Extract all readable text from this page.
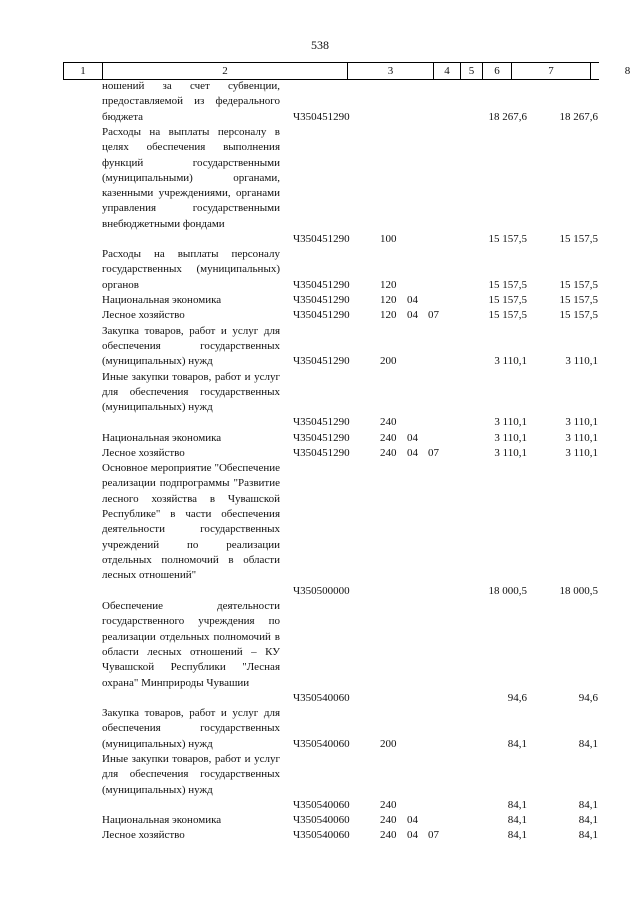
538
1	2	3	4	5	6	7	8
ношений за счет субвенции, предоставляемой из федерального бюджета	Ч350451290	18 267,6	18 267,6
Расходы на выплаты персоналу в целях обеспечения выполнения функций государственными (муниципальными) органами, казенными учреждениями, органами управления государственными внебюджетными фондами
Ч350451290	100	15 157,5	15 157,5
Расходы на выплаты персоналу государственных (муниципальных) органов	Ч350451290	120	15 157,5	15 157,5
Национальная экономика	Ч350451290	120 04	15 157,5	15 157,5
Лесное хозяйство	Ч350451290	120 04 07	15 157,5	15 157,5
Закупка товаров, работ и услуг для обеспечения государственных (муниципальных) нужд	Ч350451290	200	3 110,1	3 110,1
Иные закупки товаров, работ и услуг для обеспечения государственных (муниципальных) нужд
Ч350451290	240	3 110,1	3 110,1
Национальная экономика	Ч350451290	240 04	3 110,1	3 110,1
Лесное хозяйство	Ч350451290	240 04 07	3 110,1	3 110,1
Основное мероприятие "Обеспечение реализации подпрограммы "Развитие лесного хозяйства в Чувашской Республике" в части обеспечения деятельности государственных учреждений по реализации отдельных полномочий в области лесных отношений"
Ч350500000	18 000,5	18 000,5
Обеспечение деятельности государственного учреждения по реализации отдельных полномочий в области лесных отношений – КУ Чувашской Республики "Лесная охрана" Минприроды Чувашии
Ч350540060	94,6	94,6
Закупка товаров, работ и услуг для обеспечения государственных (муниципальных) нужд	Ч350540060	200	84,1	84,1
Иные закупки товаров, работ и услуг для обеспечения государственных (муниципальных) нужд
Ч350540060	240	84,1	84,1
Национальная экономика	Ч350540060	240 04	84,1	84,1
Лесное хозяйство	Ч350540060	240 04 07	84,1	84,1
